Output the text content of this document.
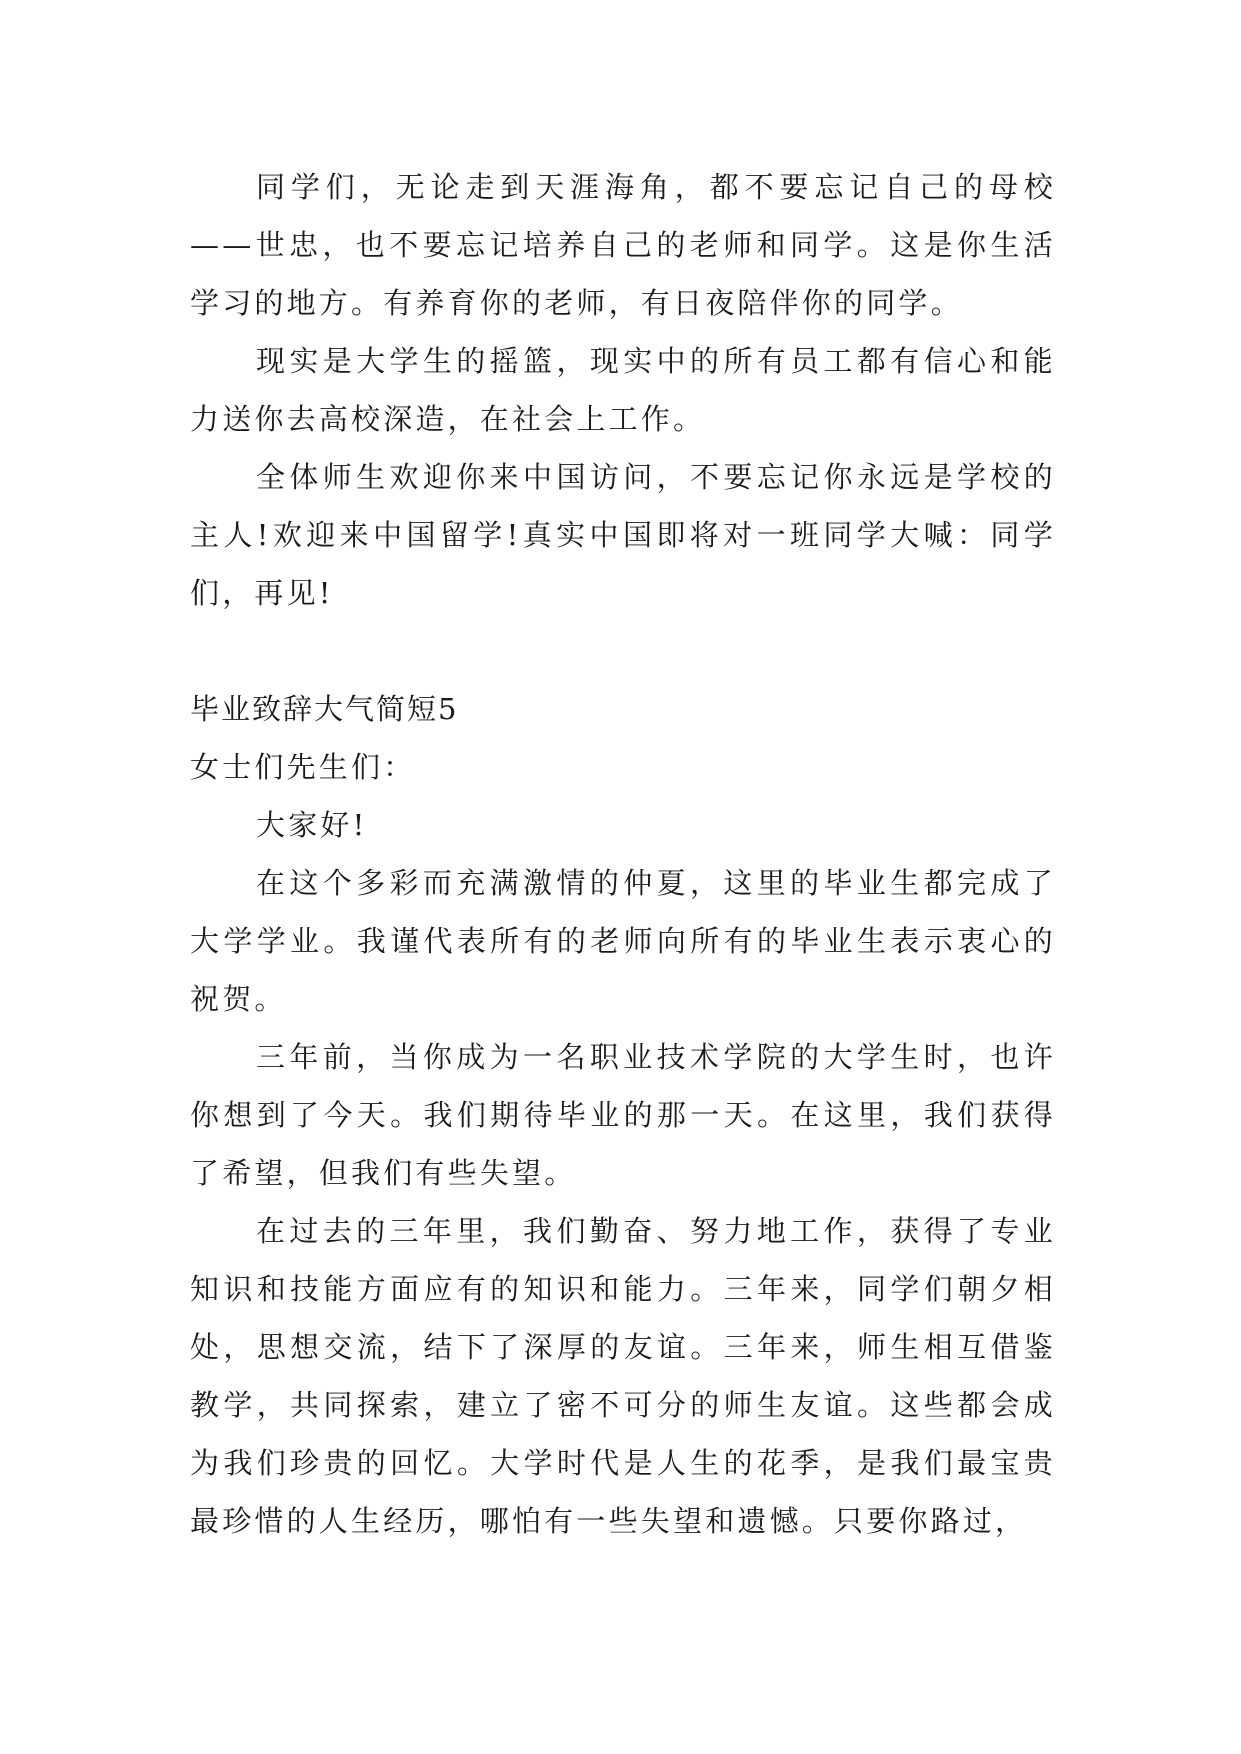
同学们，无论走到天涯海角，都不要忘记自己的母校——世忠，也不要忘记培养自己的老师和同学。这是你生活学习的地方。有养育你的老师，有日夜陪伴你的同学。

现实是大学生的摇篮，现实中的所有员工都有信心和能力送你去高校深造，在社会上工作。

全体师生欢迎你来中国访问，不要忘记你永远是学校的主人!欢迎来中国留学!真实中国即将对一班同学大喊：同学们，再见!

毕业致辞大气简短5

女士们先生们：

大家好!

在这个多彩而充满激情的仲夏，这里的毕业生都完成了大学学业。我谨代表所有的老师向所有的毕业生表示衷心的祝贺。

三年前，当你成为一名职业技术学院的大学生时，也许你想到了今天。我们期待毕业的那一天。在这里，我们获得了希望，但我们有些失望。

在过去的三年里，我们勤奋、努力地工作，获得了专业知识和技能方面应有的知识和能力。三年来，同学们朝夕相处，思想交流，结下了深厚的友谊。三年来，师生相互借鉴教学，共同探索，建立了密不可分的师生友谊。这些都会成为我们珍贵的回忆。大学时代是人生的花季，是我们最宝贵最珍惜的人生经历，哪怕有一些失望和遗憾。只要你路过，
